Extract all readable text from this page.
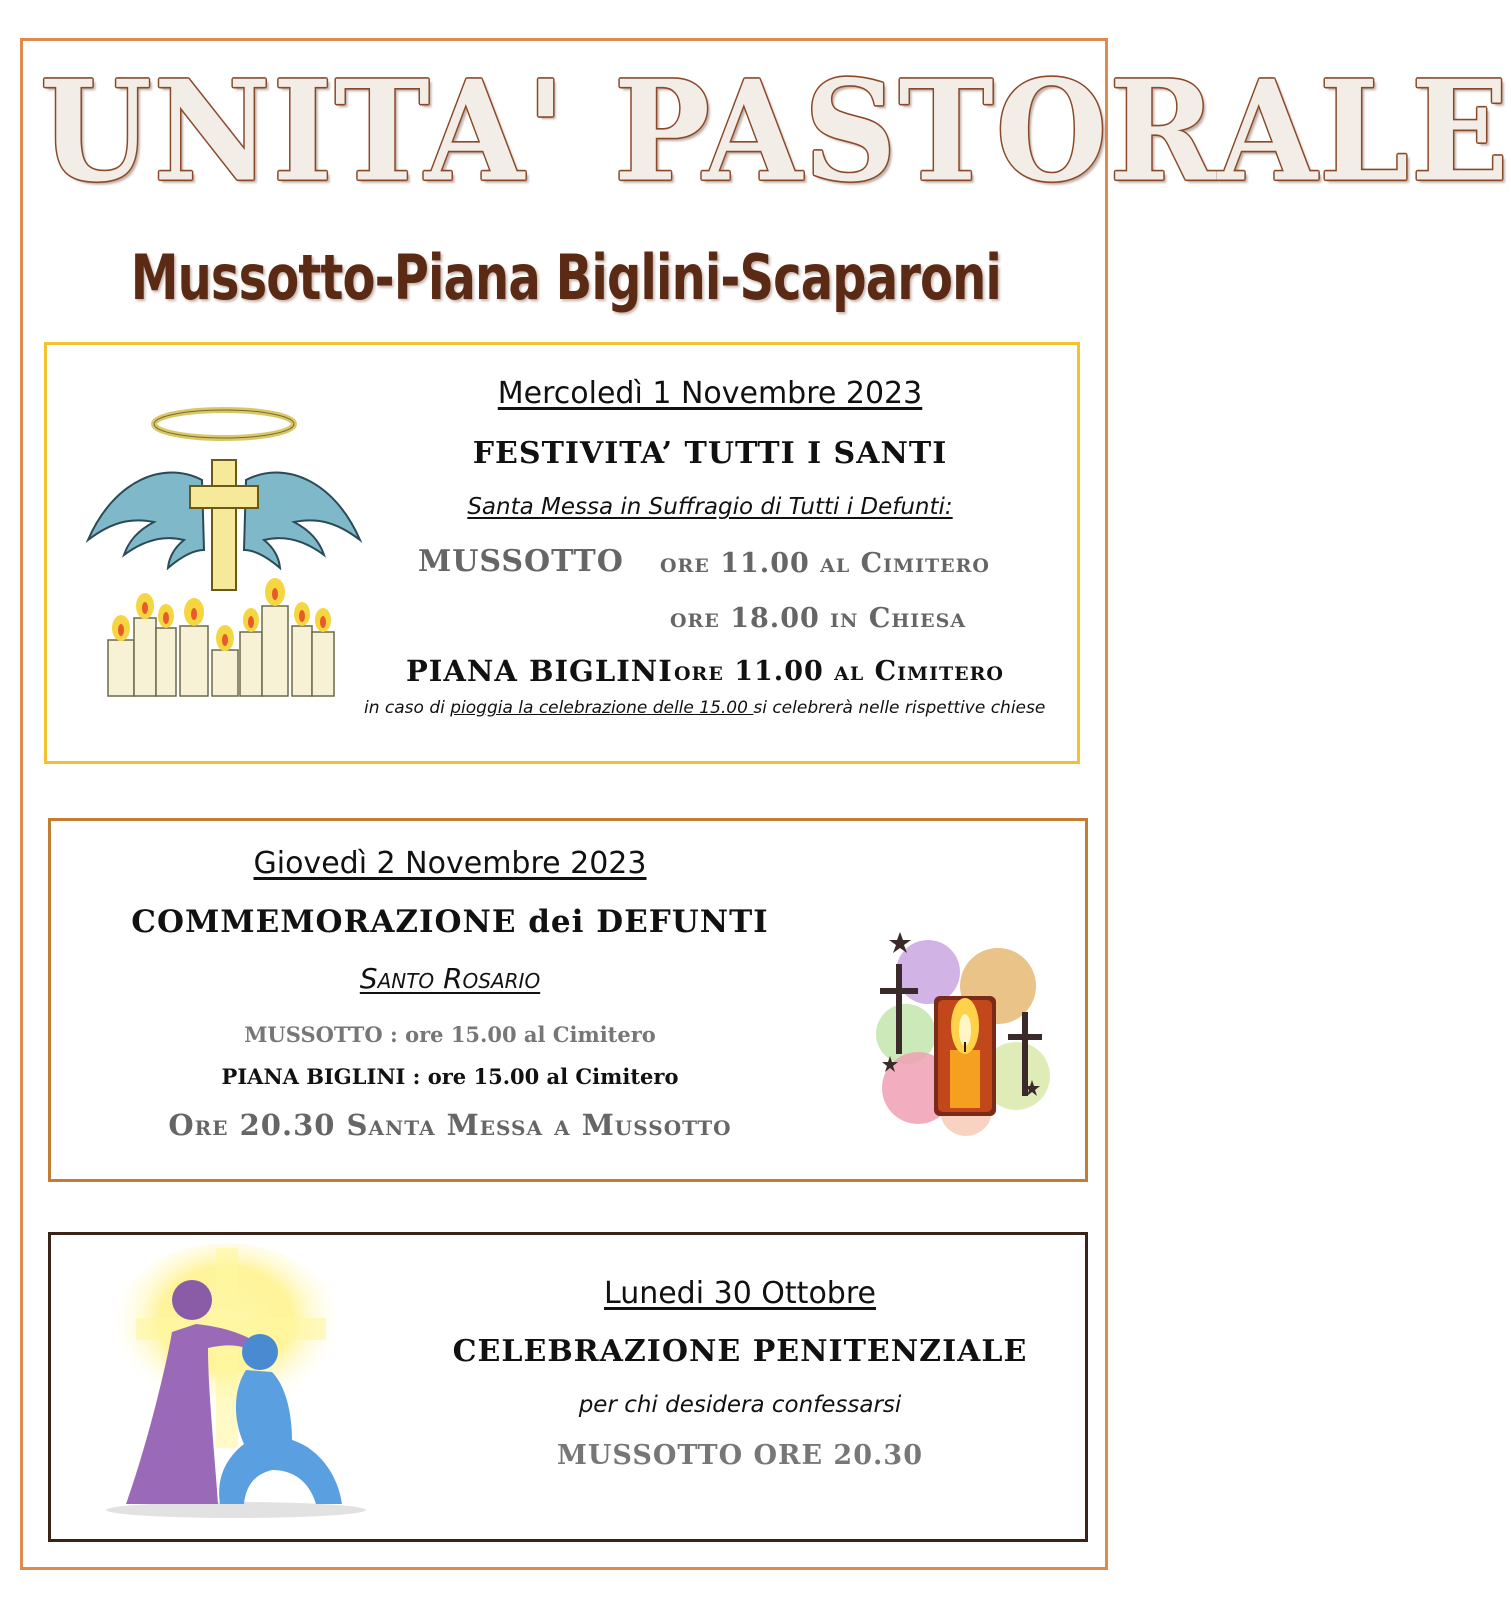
UNITA' PASTORALE
Mussotto-Piana Biglini-Scaparoni
Mercoledì 1 Novembre 2023
FESTIVITA’ TUTTI I SANTI
Santa Messa in Suffragio di Tutti i Defunti:
MUSSOTTO ore 11.00 al Cimitero
ore 18.00 in Chiesa
PIANA BIGLINI ore 11.00 al Cimitero
in caso di pioggia la celebrazione delle 15.00 si celebrerà nelle rispettive chiese
Giovedì 2 Novembre 2023
COMMEMORAZIONE dei DEFUNTI
Santo Rosario
MUSSOTTO : ore 15.00 al Cimitero
PIANA BIGLINI : ore 15.00 al Cimitero
Ore 20.30 Santa Messa a Mussotto
Lunedi 30 Ottobre
CELEBRAZIONE PENITENZIALE
per chi desidera confessarsi
MUSSOTTO ORE 20.30
